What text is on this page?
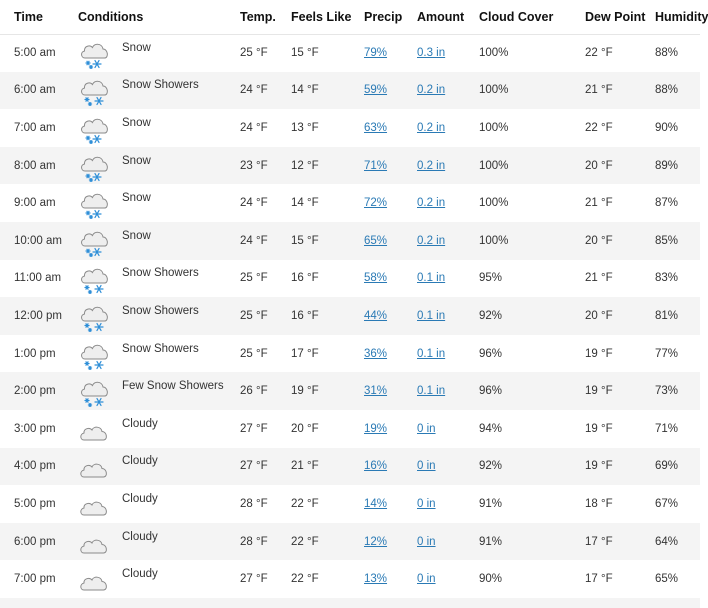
Time	Conditions	Temp.	Feels Like	Precip	Amount	Cloud Cover	Dew Point	Humidity
5:00 am	Snow	25 °F	15 °F	79%	0.3 in	100%	22 °F	88%
6:00 am	Snow Showers	24 °F	14 °F	59%	0.2 in	100%	21 °F	88%
7:00 am	Snow	24 °F	13 °F	63%	0.2 in	100%	22 °F	90%
8:00 am	Snow	23 °F	12 °F	71%	0.2 in	100%	20 °F	89%
9:00 am	Snow	24 °F	14 °F	72%	0.2 in	100%	21 °F	87%
10:00 am	Snow	24 °F	15 °F	65%	0.2 in	100%	20 °F	85%
11:00 am	Snow Showers	25 °F	16 °F	58%	0.1 in	95%	21 °F	83%
12:00 pm	Snow Showers	25 °F	16 °F	44%	0.1 in	92%	20 °F	81%
1:00 pm	Snow Showers	25 °F	17 °F	36%	0.1 in	96%	19 °F	77%
2:00 pm	Few Snow Showers	26 °F	19 °F	31%	0.1 in	96%	19 °F	73%
3:00 pm	Cloudy	27 °F	20 °F	19%	0 in	94%	19 °F	71%
4:00 pm	Cloudy	27 °F	21 °F	16%	0 in	92%	19 °F	69%
5:00 pm	Cloudy	28 °F	22 °F	14%	0 in	91%	18 °F	67%
6:00 pm	Cloudy	28 °F	22 °F	12%	0 in	91%	17 °F	64%
7:00 pm	Cloudy	27 °F	22 °F	13%	0 in	90%	17 °F	65%
